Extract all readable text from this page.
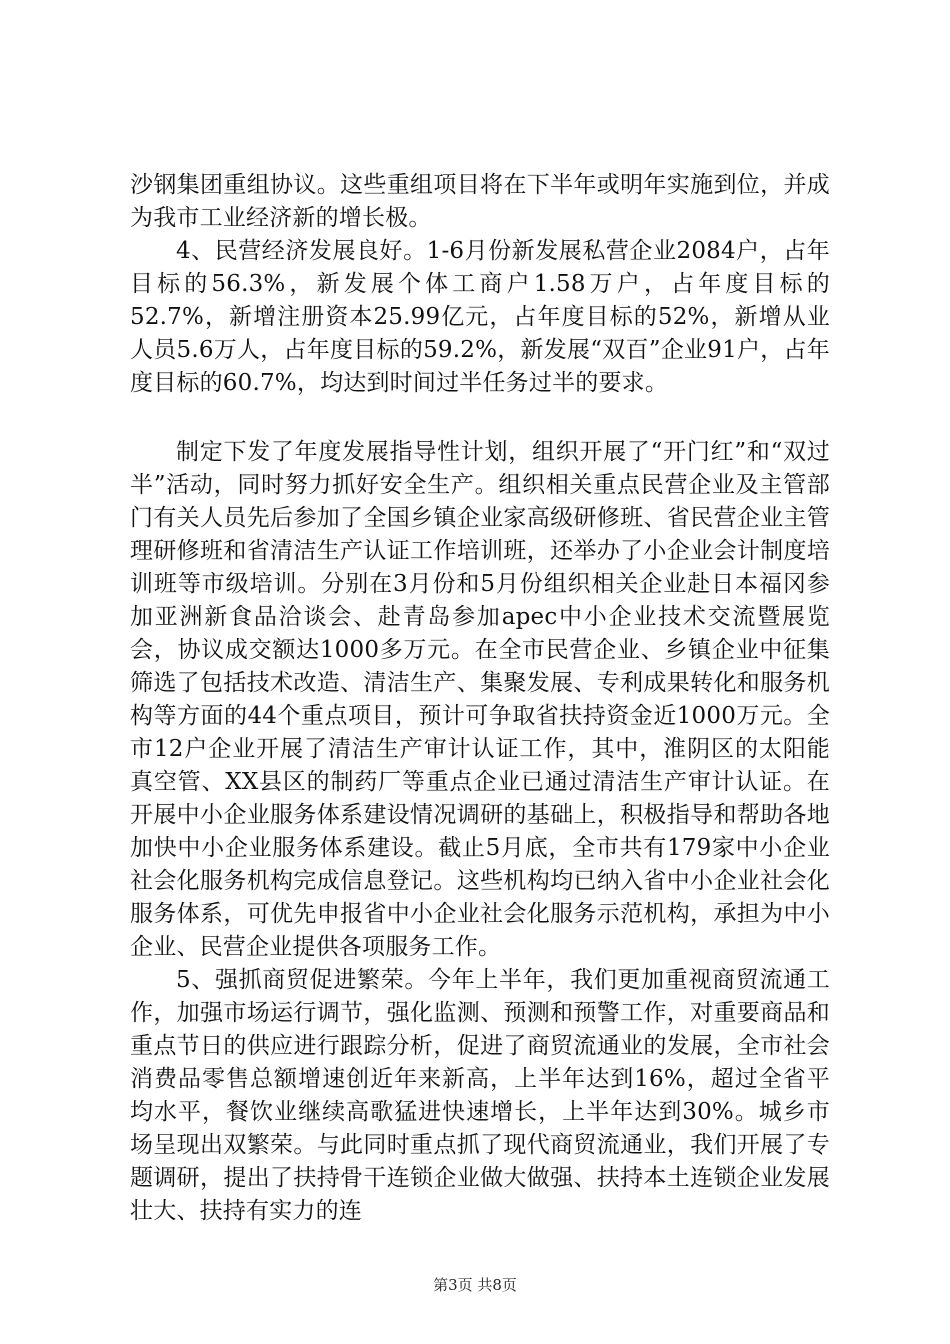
沙钢集团重组协议。这些重组项目将在下半年或明年实施到位，并成为我市工业经济新的增长极。

4、民营经济发展良好。1-6月份新发展私营企业2084户，占年目标的56.3%，新发展个体工商户1.58万户，占年度目标的52.7%，新增注册资本25.99亿元，占年度目标的52%，新增从业人员5.6万人，占年度目标的59.2%，新发展“双百”企业91户，占年度目标的60.7%，均达到时间过半任务过半的要求。

制定下发了年度发展指导性计划，组织开展了“开门红”和“双过半”活动，同时努力抓好安全生产。组织相关重点民营企业及主管部门有关人员先后参加了全国乡镇企业家高级研修班、省民营企业主管理研修班和省清洁生产认证工作培训班，还举办了小企业会计制度培训班等市级培训。分别在3月份和5月份组织相关企业赴日本福冈参加亚洲新食品洽谈会、赴青岛参加apec中小企业技术交流暨展览会，协议成交额达1000多万元。在全市民营企业、乡镇企业中征集筛选了包括技术改造、清洁生产、集聚发展、专利成果转化和服务机构等方面的44个重点项目，预计可争取省扶持资金近1000万元。全市12户企业开展了清洁生产审计认证工作，其中，淮阴区的太阳能真空管、XX县区的制药厂等重点企业已通过清洁生产审计认证。在开展中小企业服务体系建设情况调研的基础上，积极指导和帮助各地加快中小企业服务体系建设。截止5月底，全市共有179家中小企业社会化服务机构完成信息登记。这些机构均已纳入省中小企业社会化服务体系，可优先申报省中小企业社会化服务示范机构，承担为中小企业、民营企业提供各项服务工作。

5、强抓商贸促进繁荣。今年上半年，我们更加重视商贸流通工作，加强市场运行调节，强化监测、预测和预警工作，对重要商品和重点节日的供应进行跟踪分析，促进了商贸流通业的发展，全市社会消费品零售总额增速创近年来新高，上半年达到16%，超过全省平均水平，餐饮业继续高歌猛进快速增长，上半年达到30%。城乡市场呈现出双繁荣。与此同时重点抓了现代商贸流通业，我们开展了专题调研，提出了扶持骨干连锁企业做大做强、扶持本土连锁企业发展壮大、扶持有实力的连

第3页 共8页
